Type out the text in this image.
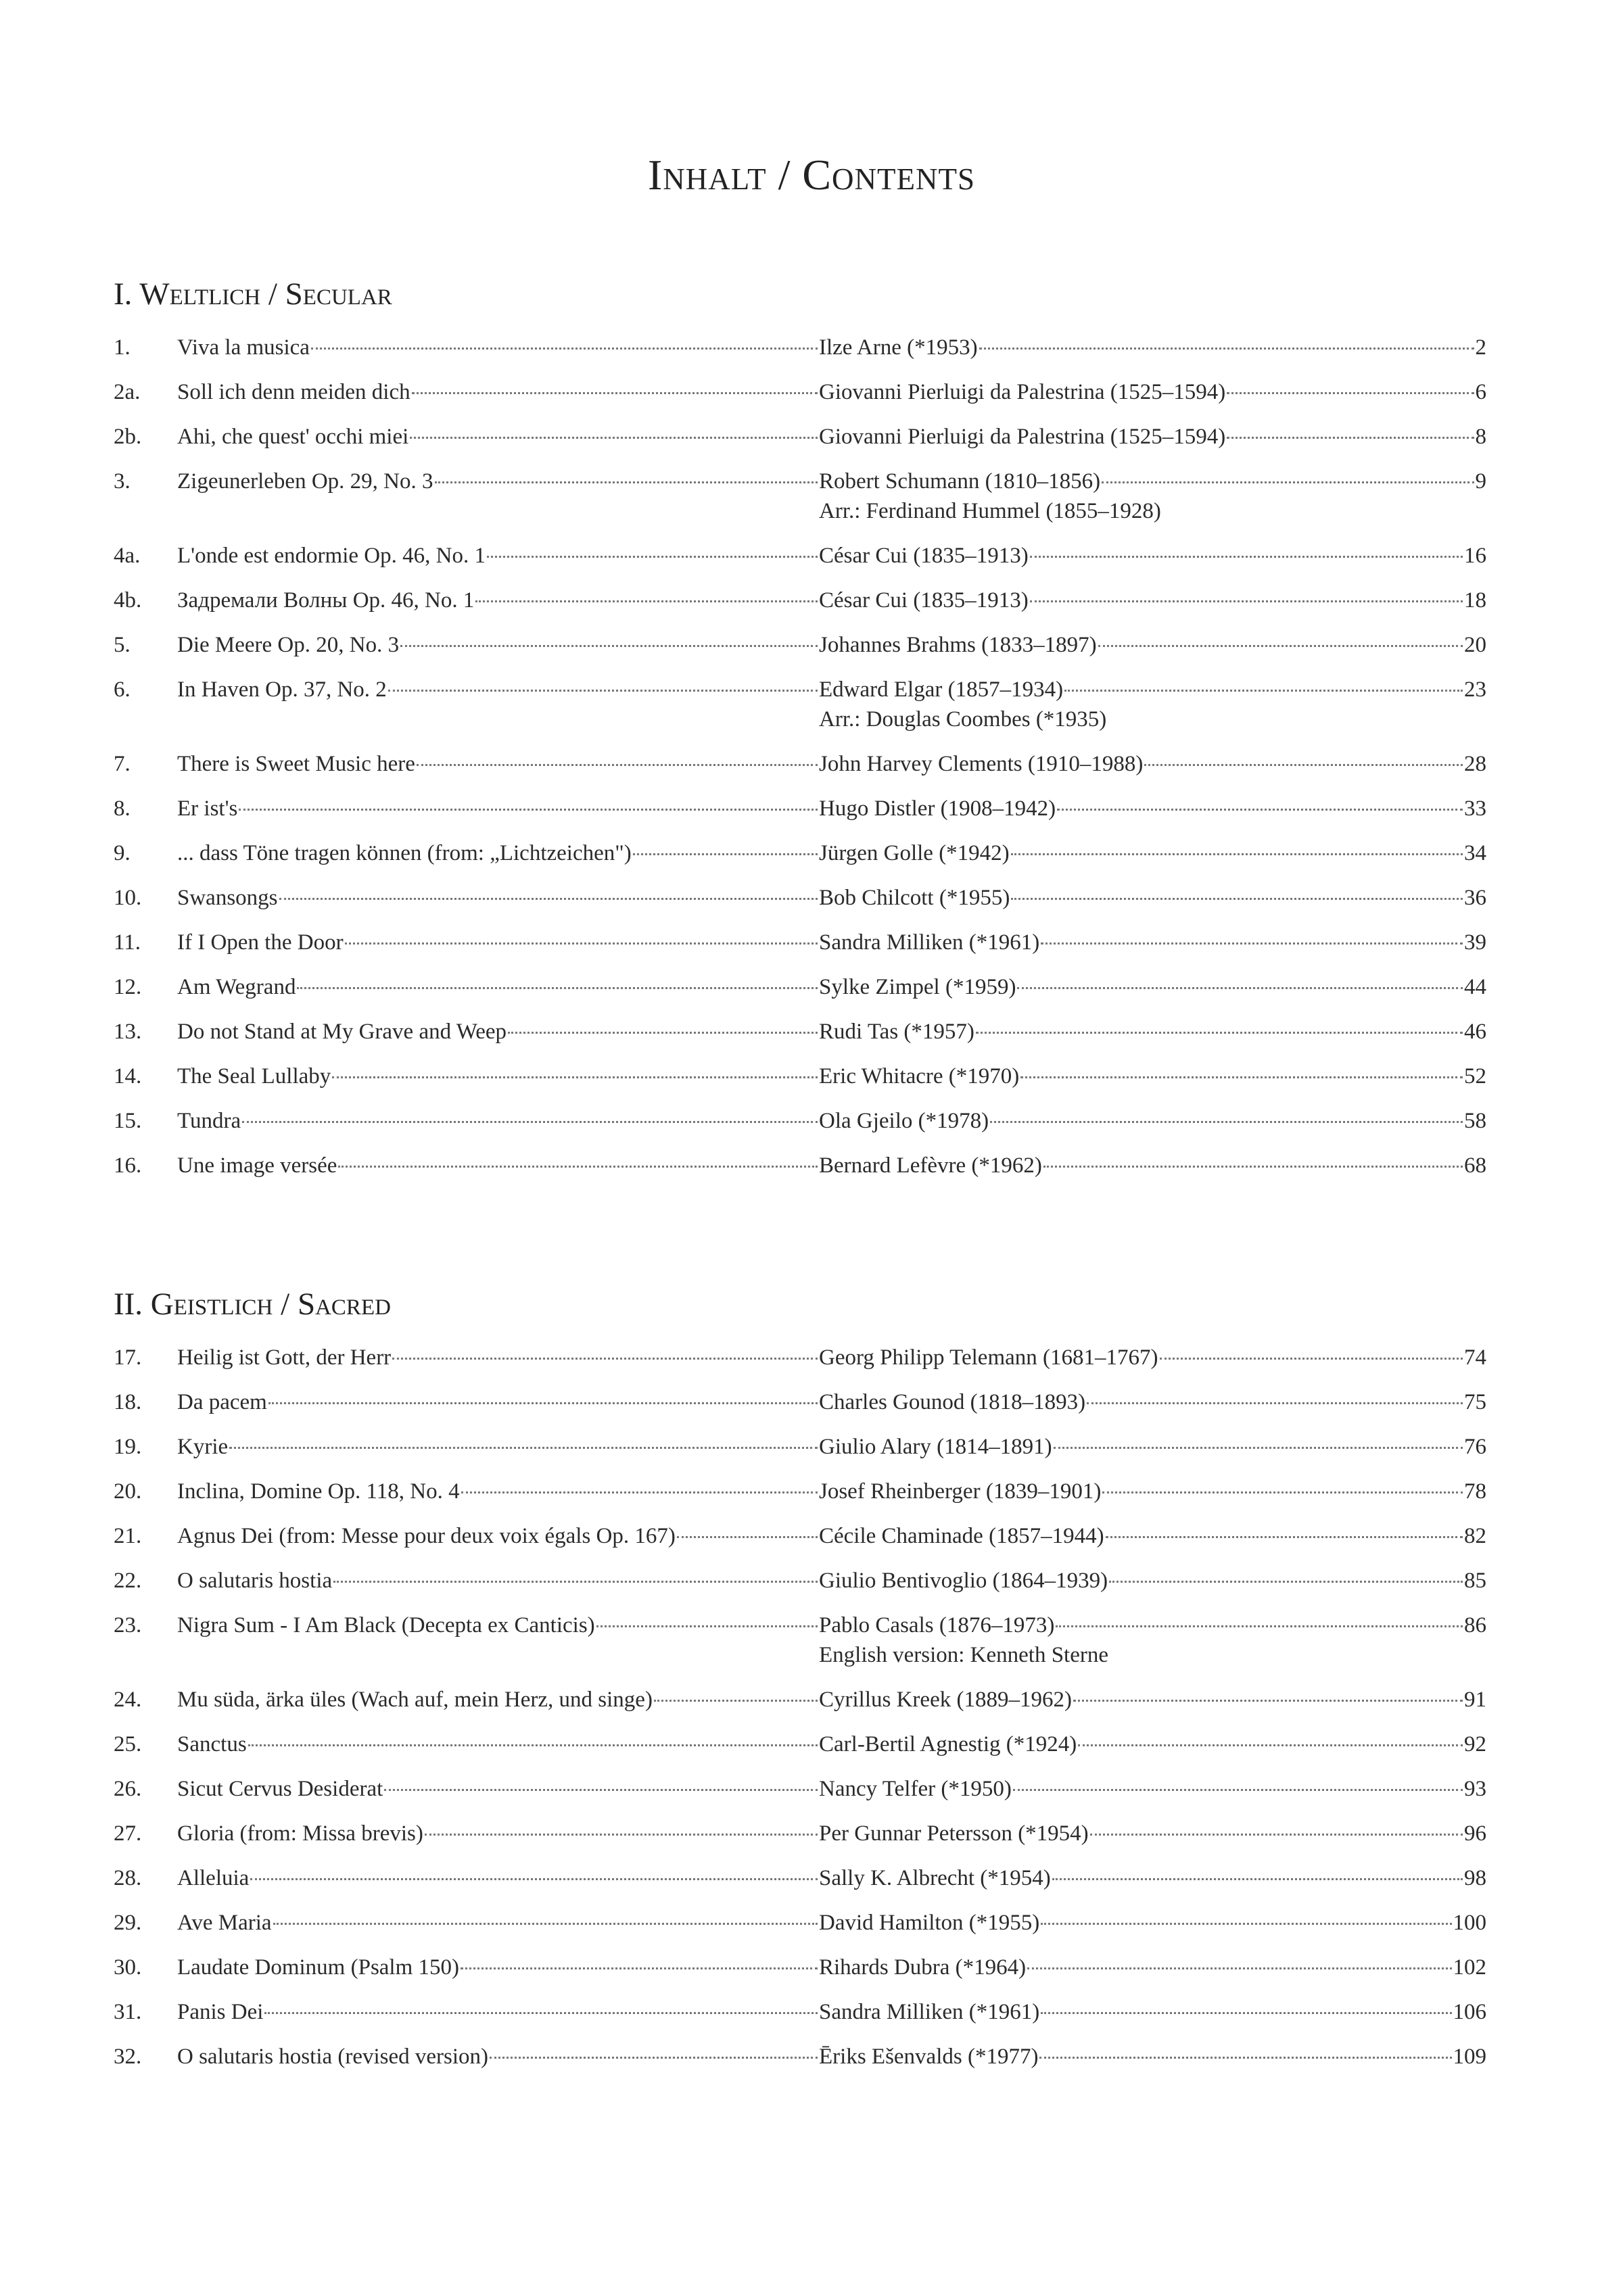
Inhalt / Contents
I. Weltlich / Secular
1.	Viva la musica	Ilze Arne (*1953)	2
2a.	Soll ich denn meiden dich	Giovanni Pierluigi da Palestrina (1525–1594)	6
2b.	Ahi, che quest' occhi miei	Giovanni Pierluigi da Palestrina (1525–1594)	8
3.	Zigeunerleben Op. 29, No. 3	Robert Schumann (1810–1856)	9
Arr.: Ferdinand Hummel (1855–1928)
4a.	L'onde est endormie Op. 46, No. 1	César Cui (1835–1913)	16
4b.	Задремали Волны Op. 46, No. 1	César Cui (1835–1913)	18
5.	Die Meere Op. 20, No. 3	Johannes Brahms (1833–1897)	20
6.	In Haven Op. 37, No. 2	Edward Elgar (1857–1934)	23
Arr.: Douglas Coombes (*1935)
7.	There is Sweet Music here	John Harvey Clements (1910–1988)	28
8.	Er ist's	Hugo Distler (1908–1942)	33
9.	... dass Töne tragen können (from: „Lichtzeichen")	Jürgen Golle (*1942)	34
10.	Swansongs	Bob Chilcott (*1955)	36
11.	If I Open the Door	Sandra Milliken (*1961)	39
12.	Am Wegrand	Sylke Zimpel (*1959)	44
13.	Do not Stand at My Grave and Weep	Rudi Tas (*1957)	46
14.	The Seal Lullaby	Eric Whitacre (*1970)	52
15.	Tundra	Ola Gjeilo (*1978)	58
16.	Une image versée	Bernard Lefèvre (*1962)	68
II. Geistlich / Sacred
17.	Heilig ist Gott, der Herr	Georg Philipp Telemann (1681–1767)	74
18.	Da pacem	Charles Gounod (1818–1893)	75
19.	Kyrie	Giulio Alary (1814–1891)	76
20.	Inclina, Domine Op. 118, No. 4	Josef Rheinberger (1839–1901)	78
21.	Agnus Dei (from: Messe pour deux voix égals Op. 167)	Cécile Chaminade (1857–1944)	82
22.	O salutaris hostia	Giulio Bentivoglio (1864–1939)	85
23.	Nigra Sum - I Am Black (Decepta ex Canticis)	Pablo Casals (1876–1973)	86
English version: Kenneth Sterne
24.	Mu süda, ärka üles (Wach auf, mein Herz, und singe)	Cyrillus Kreek (1889–1962)	91
25.	Sanctus	Carl-Bertil Agnestig (*1924)	92
26.	Sicut Cervus Desiderat	Nancy Telfer (*1950)	93
27.	Gloria (from: Missa brevis)	Per Gunnar Petersson (*1954)	96
28.	Alleluia	Sally K. Albrecht (*1954)	98
29.	Ave Maria	David Hamilton (*1955)	100
30.	Laudate Dominum (Psalm 150)	Rihards Dubra (*1964)	102
31.	Panis Dei	Sandra Milliken (*1961)	106
32.	O salutaris hostia (revised version)	Ēriks Ešenvalds (*1977)	109
